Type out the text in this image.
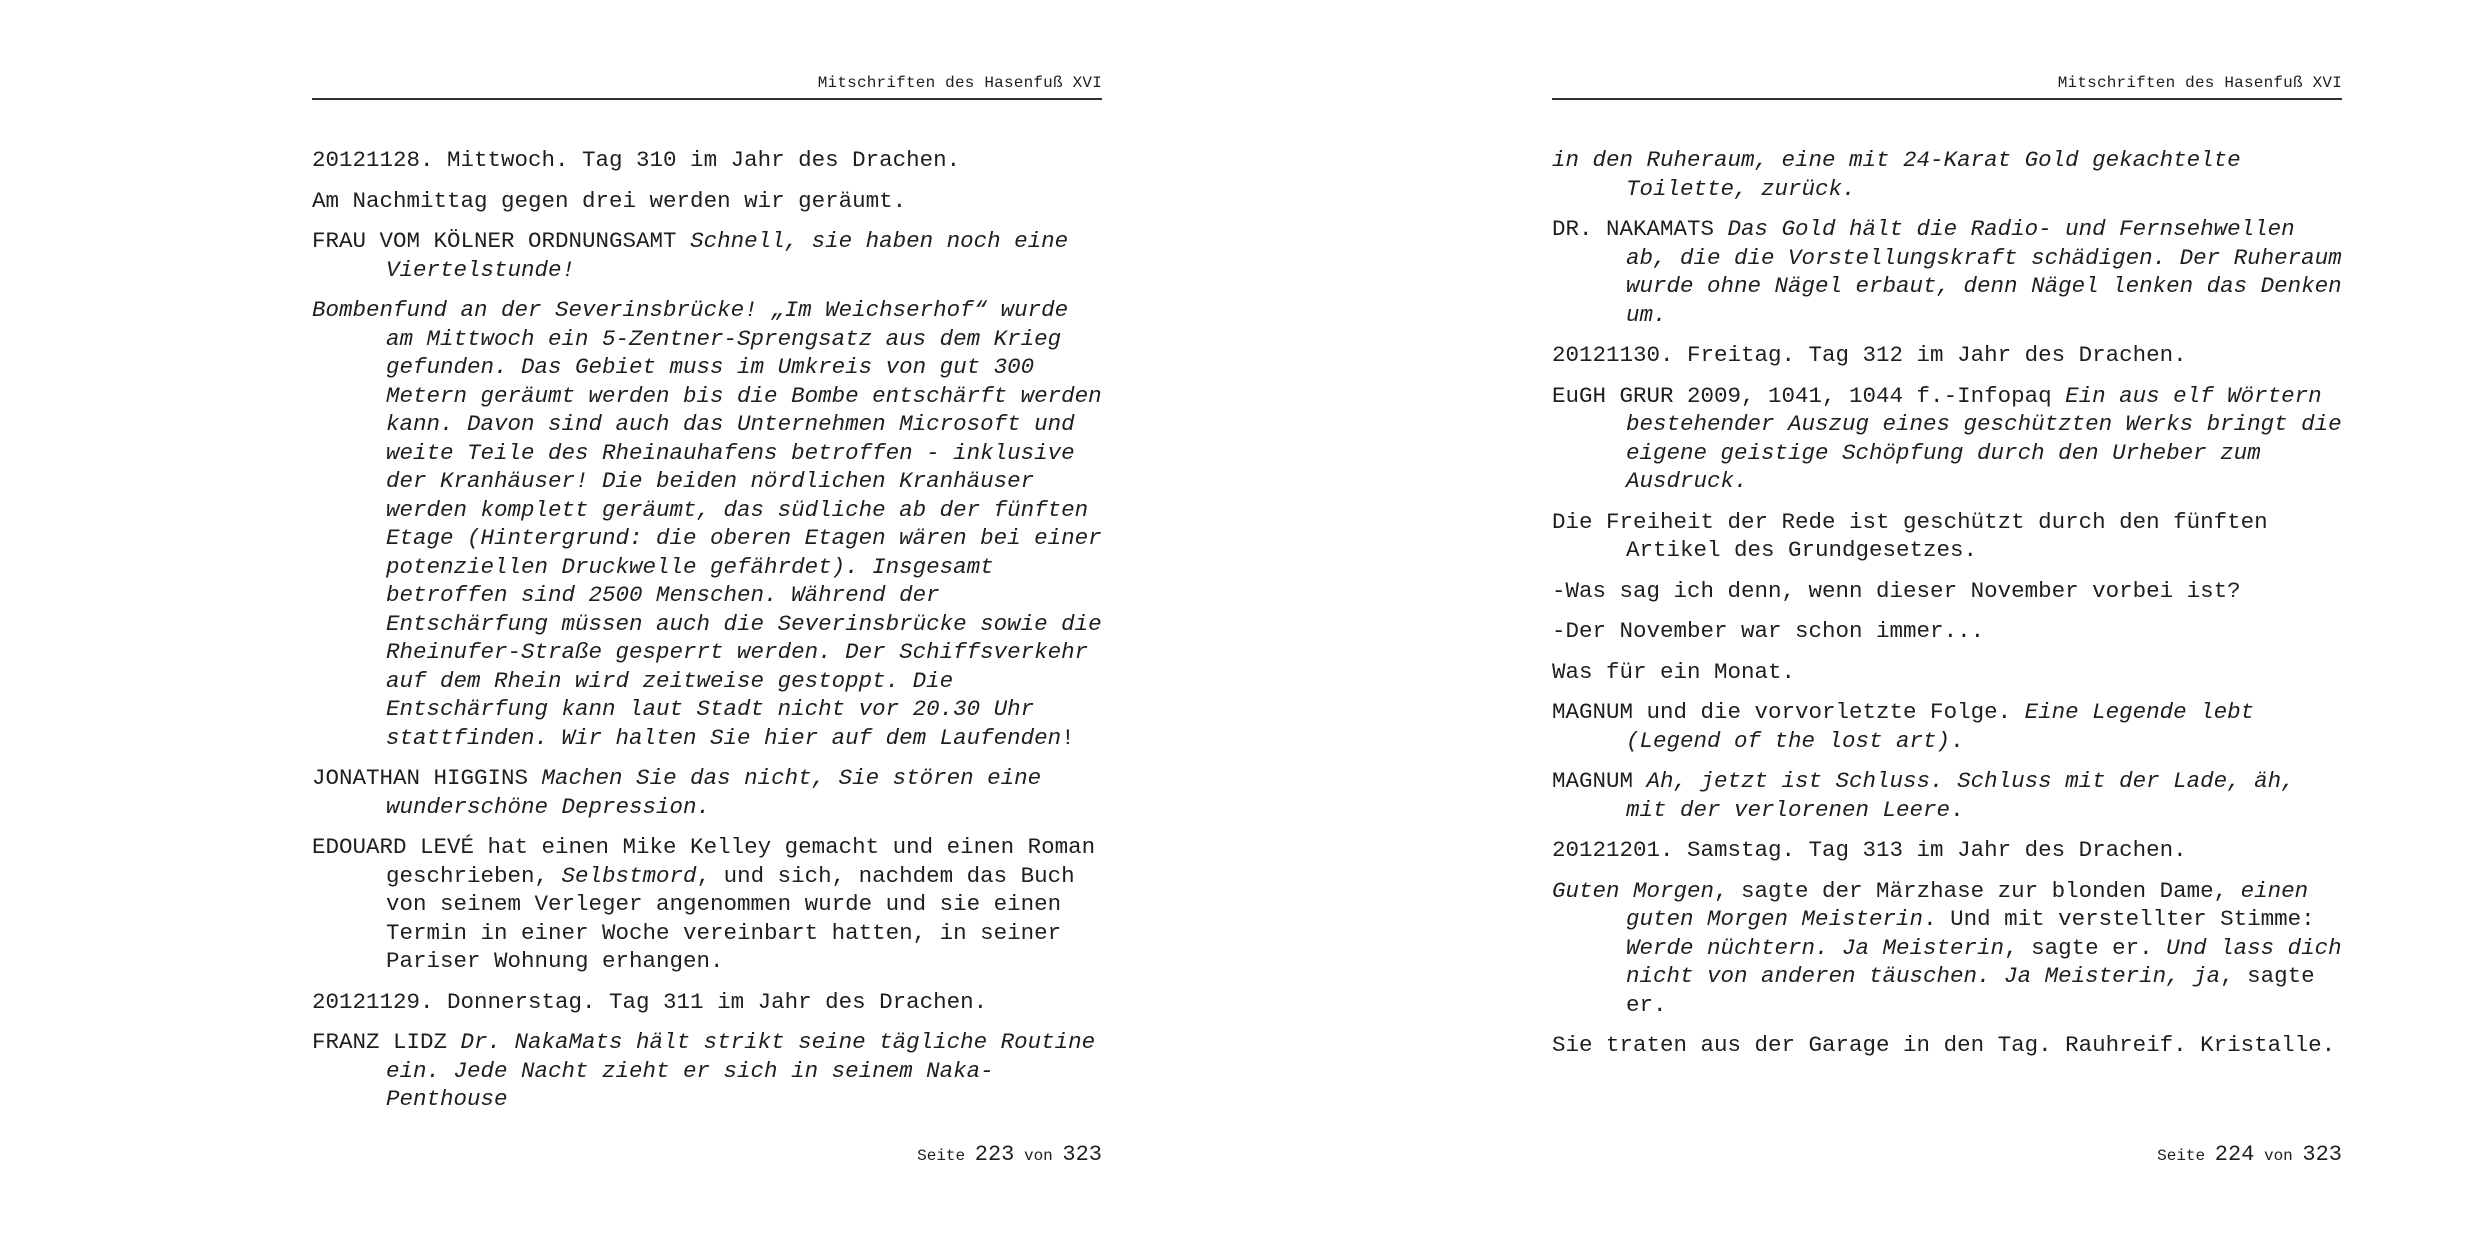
Mitschriften des Hasenfuß XVI

20121128. Mittwoch. Tag 310 im Jahr des Drachen.

Am Nachmittag gegen drei werden wir geräumt.

FRAU VOM KÖLNER ORDNUNGSAMT Schnell, sie haben noch eine Viertelstunde!

Bombenfund an der Severinsbrücke! „Im Weichserhof“ wurde am Mittwoch ein 5-Zentner-Sprengsatz aus dem Krieg gefunden. Das Gebiet muss im Umkreis von gut 300 Metern geräumt werden bis die Bombe entschärft werden kann. Davon sind auch das Unternehmen Microsoft und weite Teile des Rheinauhafens betroffen - inklusive der Kranhäuser! Die beiden nördlichen Kranhäuser werden komplett geräumt, das südliche ab der fünften Etage (Hintergrund: die oberen Etagen wären bei einer potenziellen Druckwelle gefährdet). Insgesamt betroffen sind 2500 Menschen. Während der Entschärfung müssen auch die Severinsbrücke sowie die Rheinufer-Straße gesperrt werden. Der Schiffsverkehr auf dem Rhein wird zeitweise gestoppt. Die Entschärfung kann laut Stadt nicht vor 20.30 Uhr stattfinden. Wir halten Sie hier auf dem Laufenden!

JONATHAN HIGGINS Machen Sie das nicht, Sie stören eine wunderschöne Depression.

EDOUARD LEVÉ hat einen Mike Kelley gemacht und einen Roman geschrieben, Selbstmord, und sich, nachdem das Buch von seinem Verleger angenommen wurde und sie einen Termin in einer Woche vereinbart hatten, in seiner Pariser Wohnung erhangen.

20121129. Donnerstag. Tag 311 im Jahr des Drachen.

FRANZ LIDZ Dr. NakaMats hält strikt seine tägliche Routine ein. Jede Nacht zieht er sich in seinem Naka-Penthouse

Seite 223 von 323
Mitschriften des Hasenfuß XVI

in den Ruheraum, eine mit 24-Karat Gold gekachtelte Toilette, zurück.

DR. NAKAMATS Das Gold hält die Radio- und Fernsehwellen ab, die die Vorstellungskraft schädigen. Der Ruheraum wurde ohne Nägel erbaut, denn Nägel lenken das Denken um.

20121130. Freitag. Tag 312 im Jahr des Drachen.

EuGH GRUR 2009, 1041, 1044 f.-Infopaq Ein aus elf Wörtern bestehender Auszug eines geschützten Werks bringt die eigene geistige Schöpfung durch den Urheber zum Ausdruck.

Die Freiheit der Rede ist geschützt durch den fünften Artikel des Grundgesetzes.

-Was sag ich denn, wenn dieser November vorbei ist?

-Der November war schon immer...

Was für ein Monat.

MAGNUM und die vorvorletzte Folge. Eine Legende lebt (Legend of the lost art).

MAGNUM Ah, jetzt ist Schluss. Schluss mit der Lade, äh, mit der verlorenen Leere.

20121201. Samstag. Tag 313 im Jahr des Drachen.

Guten Morgen, sagte der Märzhase zur blonden Dame, einen guten Morgen Meisterin. Und mit verstellter Stimme: Werde nüchtern. Ja Meisterin, sagte er. Und lass dich nicht von anderen täuschen. Ja Meisterin, ja, sagte er.

Sie traten aus der Garage in den Tag. Rauhreif. Kristalle.

Seite 224 von 323
